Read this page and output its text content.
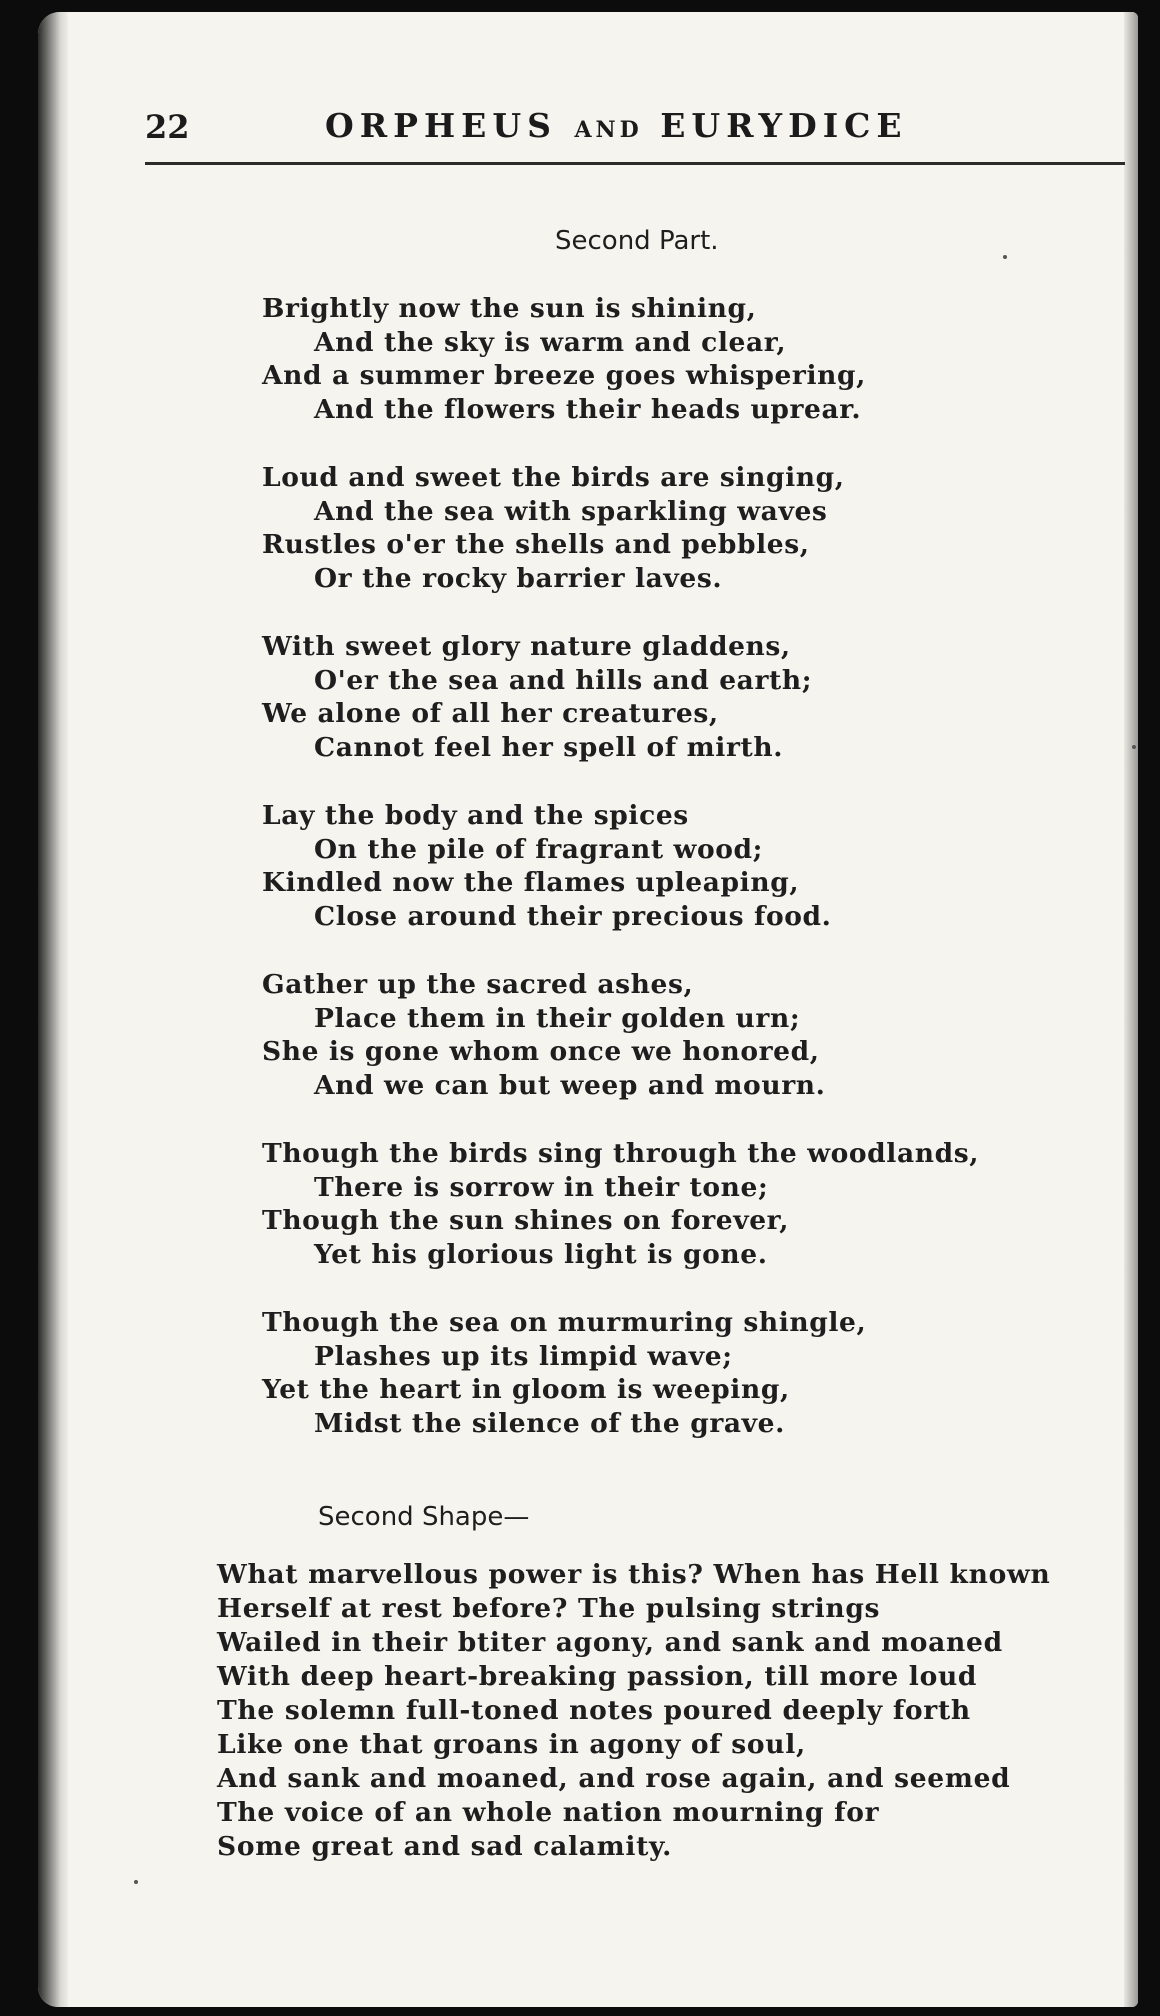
22	ORPHEUS AND EURYDICE
Second Part.
Brightly now the sun is shining,
And the sky is warm and clear,
And a summer breeze goes whispering,
And the flowers their heads uprear.
Loud and sweet the birds are singing,
And the sea with sparkling waves
Rustles o'er the shells and pebbles,
Or the rocky barrier laves.
With sweet glory nature gladdens,
O'er the sea and hills and earth;
We alone of all her creatures,
Cannot feel her spell of mirth.
Lay the body and the spices
On the pile of fragrant wood;
Kindled now the flames upleaping,
Close around their precious food.
Gather up the sacred ashes,
Place them in their golden urn;
She is gone whom once we honored,
And we can but weep and mourn.
Though the birds sing through the woodlands,
There is sorrow in their tone;
Though the sun shines on forever,
Yet his glorious light is gone.
Though the sea on murmuring shingle,
Plashes up its limpid wave;
Yet the heart in gloom is weeping,
Midst the silence of the grave.
Second Shape—
What marvellous power is this? When has Hell known
Herself at rest before? The pulsing strings
Wailed in their btiter agony, and sank and moaned
With deep heart-breaking passion, till more loud
The solemn full-toned notes poured deeply forth
Like one that groans in agony of soul,
And sank and moaned, and rose again, and seemed
The voice of an whole nation mourning for
Some great and sad calamity.
